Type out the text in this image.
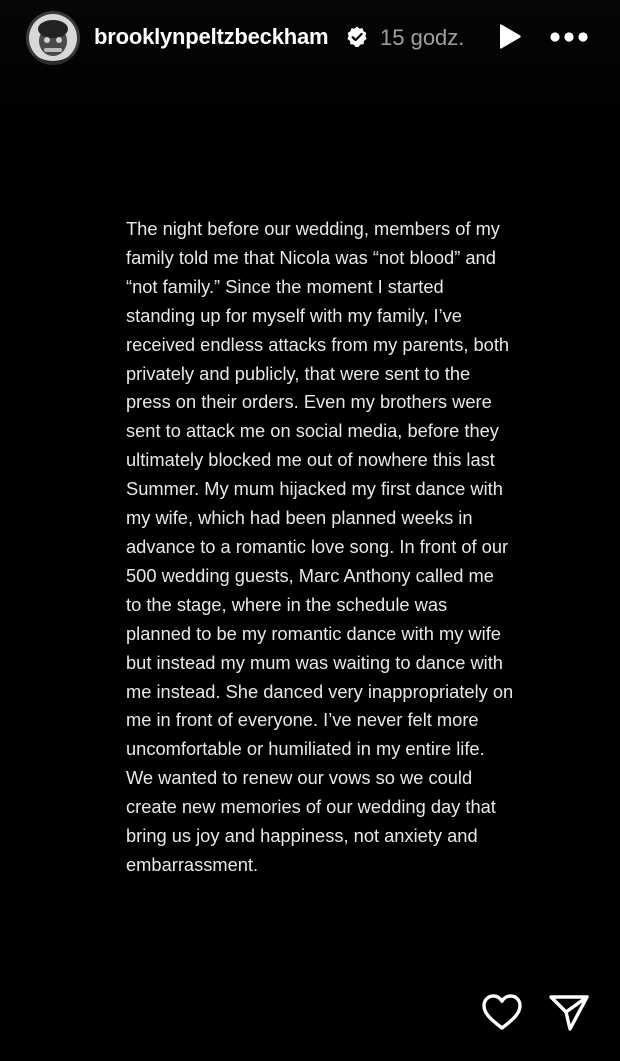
brooklynpeltzbeckham 15 godz.

The night before our wedding, members of my family told me that Nicola was “not blood” and “not family.” Since the moment I started standing up for myself with my family, I’ve received endless attacks from my parents, both privately and publicly, that were sent to the press on their orders. Even my brothers were sent to attack me on social media, before they ultimately blocked me out of nowhere this last Summer. My mum hijacked my first dance with my wife, which had been planned weeks in advance to a romantic love song. In front of our 500 wedding guests, Marc Anthony called me to the stage, where in the schedule was planned to be my romantic dance with my wife but instead my mum was waiting to dance with me instead. She danced very inappropriately on me in front of everyone. I’ve never felt more uncomfortable or humiliated in my entire life. We wanted to renew our vows so we could create new memories of our wedding day that bring us joy and happiness, not anxiety and embarrassment.
